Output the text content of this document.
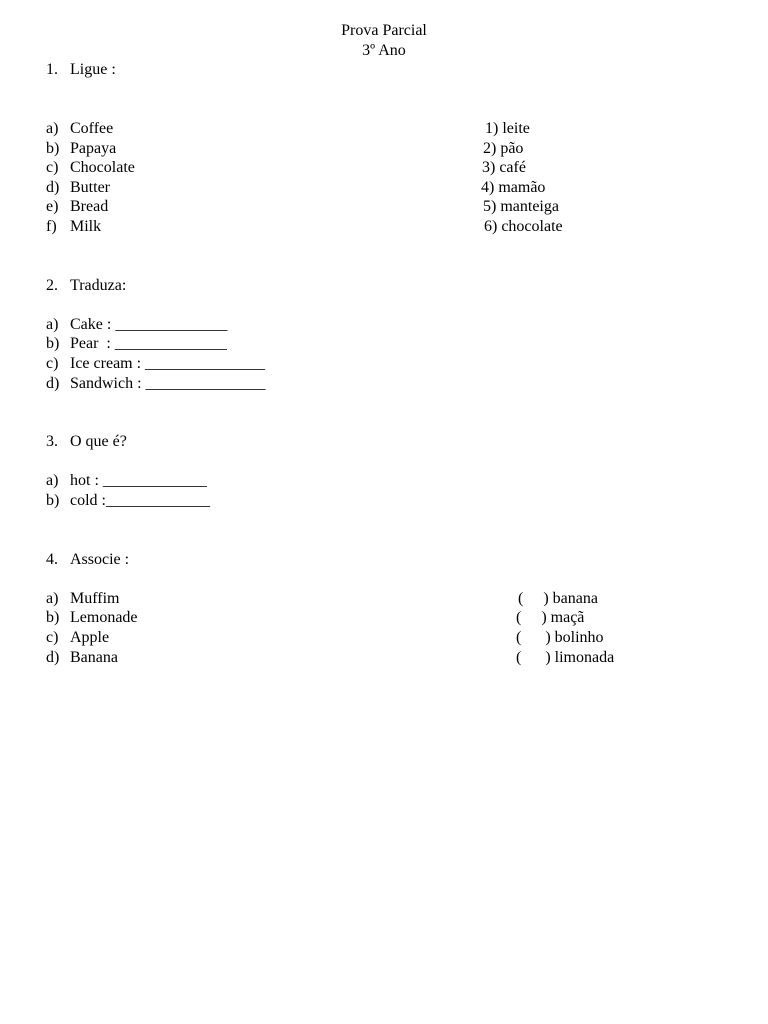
Prova Parcial
3º Ano
1. Ligue :
a) Coffee
b) Papaya
c) Chocolate
d) Butter
e) Bread
f) Milk
1) leite
2) pão
3) café
4) mamão
5) manteiga
6) chocolate
2. Traduza:
a) Cake : ______________
b) Pear  : ______________
c) Ice cream : _______________
d) Sandwich : _______________
3. O que é?
a) hot : _____________
b) cold :_____________
4. Associe :
a) Muffim
b) Lemonade
c) Apple
d) Banana
(     ) banana
(     ) maçã
(      ) bolinho
(      ) limonada
